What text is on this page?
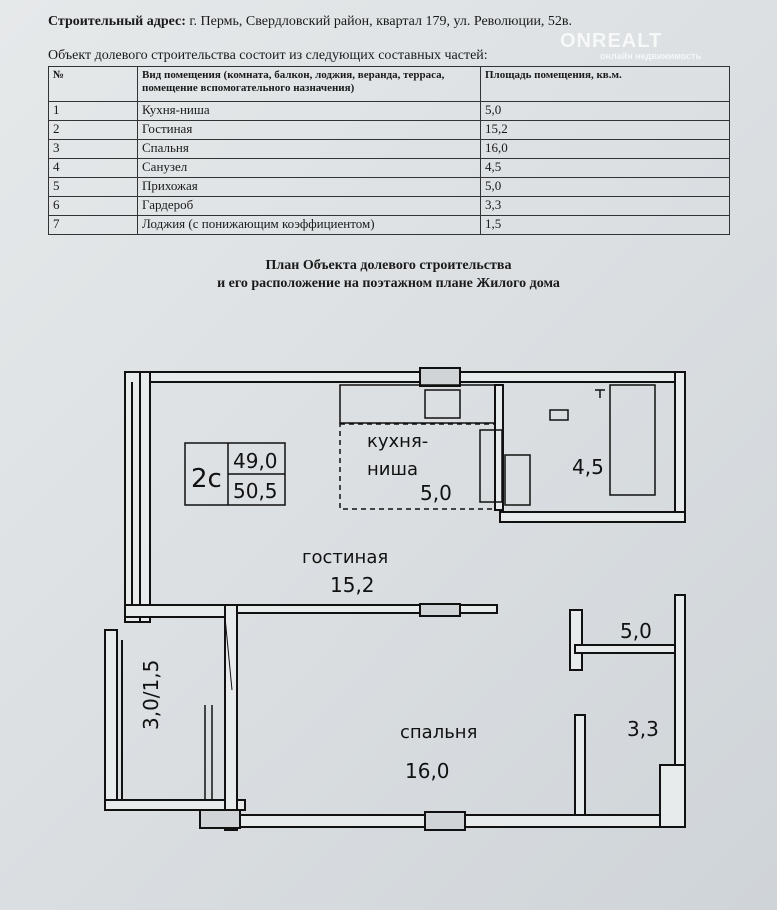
Строительный адрес: г. Пермь, Свердловский район, квартал 179, ул. Революции, 52в.
ONREALT
онлайн недвижимость
Объект долевого строительства состоит из следующих составных частей:
№	Вид помещения (комната, балкон, лоджия, веранда, терраса, помещение вспомогательного назначения)	Площадь помещения, кв.м.
1	Кухня-ниша	5,0
2	Гостиная	15,2
3	Спальня	16,0
4	Санузел	4,5
5	Прихожая	5,0
6	Гардероб	3,3
7	Лоджия (с понижающим коэффициентом)	1,5
План Объекта долевого строительства
и его расположение на поэтажном плане Жилого дома
2с
49,0
50,5
кухня-
ниша
5,0
4,5
гостиная
15,2
5,0
спальня
16,0
3,3
3,0/1,5
